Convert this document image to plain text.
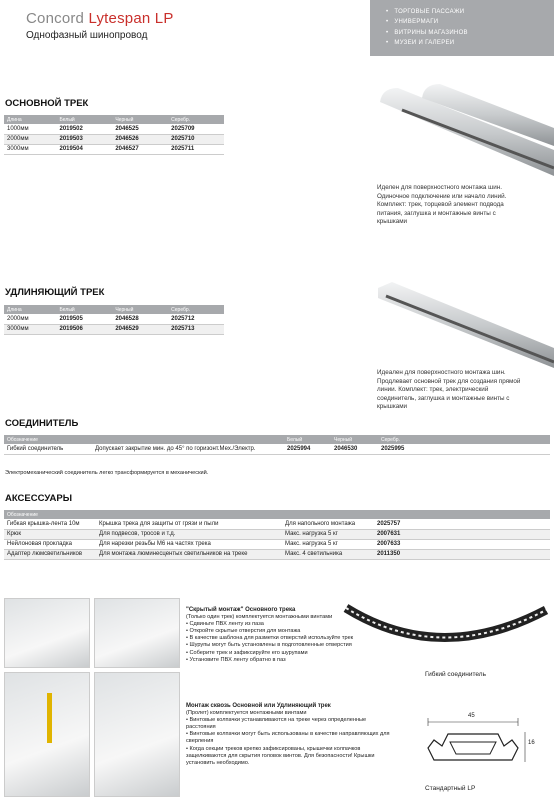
Concord Lytespan LP
Однофазный шинопровод
• ТОРГОВЫЕ ПАССАЖИ
• УНИВЕРМАГИ
• ВИТРИНЫ МАГАЗИНОВ
• МУЗЕИ И ГАЛЕРЕИ
ОСНОВНОЙ ТРЕК
Длина	Белый	Черный	Серебр.
1000мм	2019502	2046525	2025709
2000мм	2019503	2046526	2025710
3000мм	2019504	2046527	2025711
Иделен для поверхностного монтажа шин. Одиночное подключение или начало линий. Комплект: трек, торцевой элемент подвода питания, заглушка и монтажные винты с крышками
УДЛИНЯЮЩИЙ ТРЕК
Длина	Белый	Черный	Серебр.
2000мм	2019505	2046528	2025712
3000мм	2019506	2046529	2025713
Идеален для поверхностного монтажа шин. Продлевает основной трек для создания прямой линии. Комплект: трек, электрический соединитель, заглушка и монтажные винты с крышками
СОЕДИНИТЕЛЬ
Обозначение		Белый	Черный	Серебр.
Гибкий соединитель	Допускает закрытие мин. до 45° по горизонт.Мех./Электр.	2025994	2046530	2025995
Электромеханический соединитель легко трансформируется в механический.
АКСЕССУАРЫ
Обозначение			
Гибкая крышка-лента 10м	Крышка трека для защиты от грязи и пыли	Для напольного монтажа	2025757
Крюк	Для подвесов, тросов и т.д.	Макс. нагрузка 5 кг	2007631
Нейлоновая прокладка	Для нарезки резьбы М6 на частях трека	Макс. нагрузка 5 кг	2007633
Адаптер люмсветильников	Для монтажа люминесцентых светильников на треке	Макс. 4 светильника	2011350
"Скрытый монтаж" Основного трека
(Только один трек) комплектуется монтажными винтами
• Сдвиньте ПВХ ленту из паза
• Откройте скрытые отверстия для монтажа
• В качестве шаблона для разметки отверстий используйте трек
• Шурупы могут быть установлены в подготовленные отверстия
• Соберите трек и зафиксируйте его шурупами
• Установите ПВХ ленту обратно в паз
Монтаж сквозь Основной или Удлиняющий трек
(Пролет) комплектуется монтажными винтами
• Винтовые колпачки устанавливаются на треке через определенные расстояния
• Винтовые колпачки могут быть использованы в качестве направляющих для сверления
• Когда секции треков крепко зафиксированы, крышечки колпачков защелкиваются для скрытия головок винтов. Для безопасности! Крышки установить необходимо.
Гибкий соединитель
45
16
Стандартный LP
